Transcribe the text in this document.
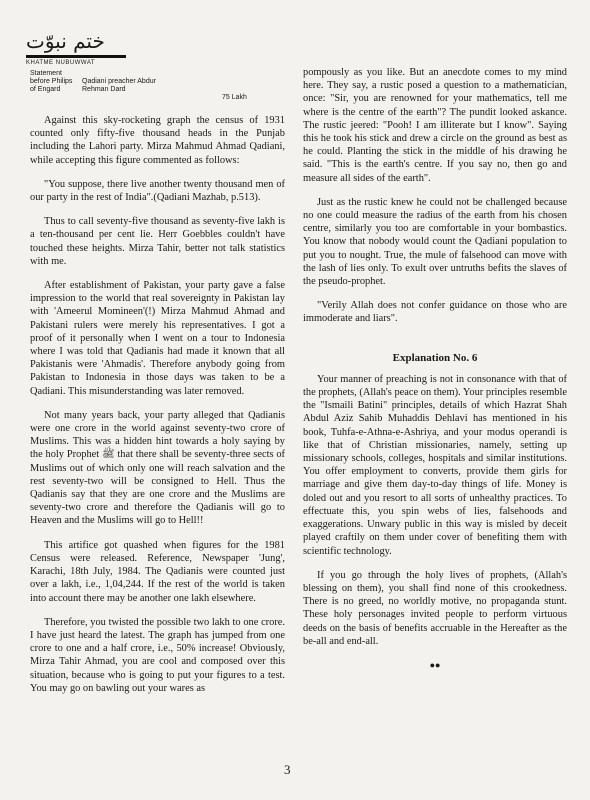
ختم نبوّت
KHATME NUBUWWAT
Statement before Philips of Engard
Qadiani preacher Abdur Rehman Dard
75 Lakh

Against this sky-rocketing graph the census of 1931 counted only fifty-five thousand heads in the Punjab including the Lahori party. Mirza Mahmud Ahmad Qadiani, while accepting this figure commented as follows:

"You suppose, there live another twenty thousand men of our party in the rest of India".(Qadiani Mazhab, p.513).

Thus to call seventy-five thousand as seventy-five lakh is a ten-thousand per cent lie. Herr Goebbles couldn't have touched these heights. Mirza Tahir, better not talk statistics with me.

After establishment of Pakistan, your party gave a false impression to the world that real sovereignty in Pakistan lay with 'Ameerul Momineen'(!) Mirza Mahmud Ahmad and Pakistani rulers were merely his representatives. I got a proof of it personally when I went on a tour to Indonesia where I was told that Qadianis had made it known that all Pakistanis were 'Ahmadis'. Therefore anybody going from Pakistan to Indonesia in those days was taken to be a Qadiani. This misunderstanding was later removed.

Not many years back, your party alleged that Qadianis were one crore in the world against seventy-two crore of Muslims. This was a hidden hint towards a holy saying by the holy Prophet ﷺ that there shall be seventy-three sects of Muslims out of which only one will reach salvation and the rest seventy-two will be consigned to Hell. Thus the Qadianis say that they are one crore and the Muslims are seventy-two crore and therefore the Qadianis will go to Heaven and the Muslims will go to Hell!!

This artifice got quashed when figures for the 1981 Census were released. Reference, Newspaper 'Jung', Karachi, 18th July, 1984. The Qadianis were counted just over a lakh, i.e., 1,04,244. If the rest of the world is taken into account there may be another one lakh elsewhere.

Therefore, you twisted the possible two lakh to one crore. I have just heard the latest. The graph has jumped from one crore to one and a half crore, i.e., 50% increase! Obviously, Mirza Tahir Ahmad, you are cool and composed over this situation, because who is going to put your figures to a test. You may go on bawling out your wares as

pompously as you like. But an anecdote comes to my mind here. They say, a rustic posed a question to a mathematician, once: "Sir, you are renowned for your mathematics, tell me where is the centre of the earth"? The pundit looked askance. The rustic jeered: "Pooh! I am illiterate but I know". Saying this he took his stick and drew a circle on the ground as best as he could. Planting the stick in the middle of his drawing he said. "This is the earth's centre. If you say no, then go and measure all sides of the earth".

Just as the rustic knew he could not be challenged because no one could measure the radius of the earth from his chosen centre, similarly you too are comfortable in your bombastics. You know that nobody would count the Qadiani population to put you to nought. True, the mule of falsehood can move with the lash of lies only. To exult over untruths befits the slaves of the pseudo-prophet.

"Verily Allah does not confer guidance on those who are immoderate and liars".

Explanation No. 6

Your manner of preaching is not in consonance with that of the prophets, (Allah's peace on them). Your principles resemble the "Ismaili Batini" principles, details of which Hazrat Shah Abdul Aziz Sahib Muhaddis Dehlavi has mentioned in his book, Tuhfa-e-Athna-e-Ashriya, and your modus operandi is like that of Christian missionaries, namely, setting up missionary schools, colleges, hospitals and similar institutions. You offer employment to converts, provide them girls for marriage and give them day-to-day things of life. Money is doled out and you resort to all sorts of unhealthy practices. To effectuate this, you spin webs of lies, falsehoods and exaggerations. Unwary public in this way is misled by deceit played craftily on them under cover of benefiting them with scientific technology.

If you go through the holy lives of prophets, (Allah's blessing on them), you shall find none of this crookedness. There is no greed, no worldly motive, no propaganda stunt. These holy personages invited people to perform virtuous deeds on the basis of benefits accruable in the Hereafter as the be-all and end-all.

●●
3
